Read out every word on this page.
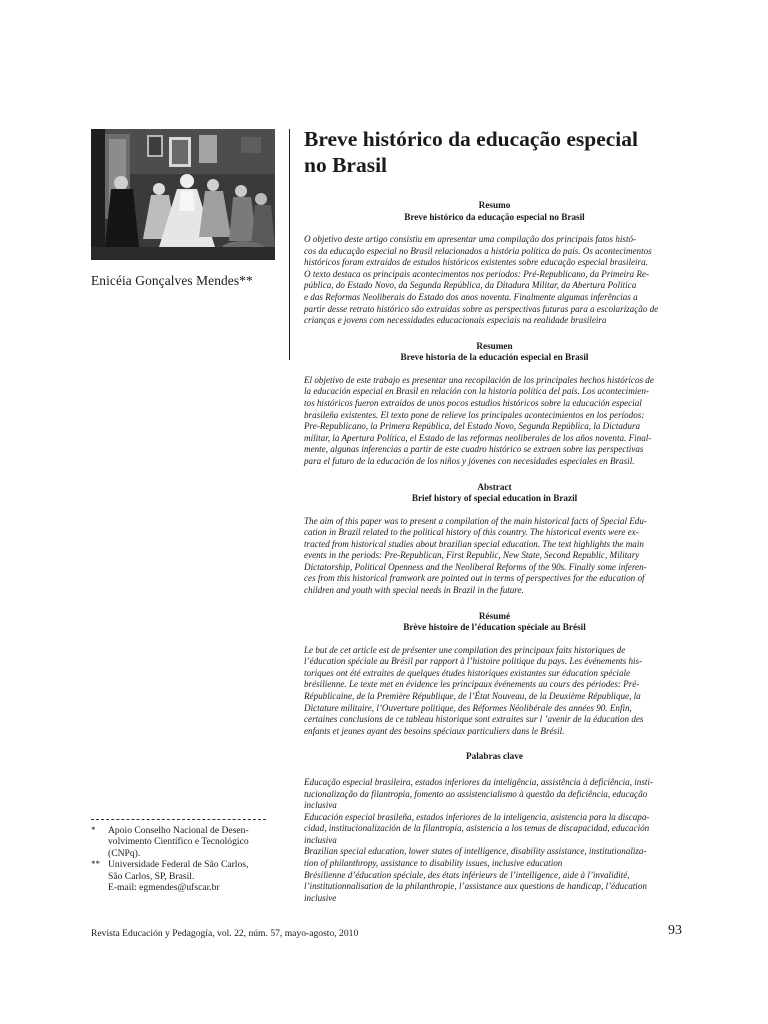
Enicéia Gonçalves Mendes**
Breve histórico da educação especial
no Brasil
Resumo
Breve histórico da educação especial no Brasil
O objetivo deste artigo consistiu em apresentar uma compilação dos principais fatos histó-
cos da educação especial no Brasil relacionados a história política do país. Os acontecimentos
históricos foram extraídos de estudos históricos existentes sobre educação especial brasileira.
O texto destaca os principais acontecimentos nos períodos: Pré-Republicano, da Primeira Re-
pública, do Estado Novo, da Segunda República, da Ditadura Militar, da Abertura Política
e das Reformas Neoliberais do Estado dos anos noventa. Finalmente algumas inferências a
partir desse retrato histórico são extraídas sobre as perspectivas futuras para a escolarização de
crianças e jovens com necessidades educacionais especiais na realidade brasileira
Resumen
Breve historia de la educación especial en Brasil
El objetivo de este trabajo es presentar una recopilación de los principales hechos históricos de
la educación especial en Brasil en relación con la historia política del país. Los acontecimien-
tos históricos fueron extraídos de unos pocos estudios históricos sobre la educación especial
brasileña existentes. El texto pone de relieve los principales acontecimientos en los períodos:
Pre-Republicano, la Primera República, del Estado Novo, Segunda República, la Dictadura
militar, la Apertura Política, el Estado de las reformas neoliberales de los años noventa. Final-
mente, algunas inferencias a partir de este cuadro histórico se extraen sobre las perspectivas
para el futuro de la educación de los niños y jóvenes con necesidades especiales en Brasil.
Abstract
Brief history of special education in Brazil
The aim of this paper was to present a compilation of the main historical facts of Special Edu-
cation in Brazil related to the political history of this country. The historical events were ex-
tracted from historical studies about brazilian special education. The text highlights the main
events in the periods: Pre-Republican, First Republic, New State, Second Republic, Military
Dictatorship, Political Openness and the Neoliberal Reforms of the 90s. Finally some inferen-
ces from this historical framwork are pointed out in terms of perspectives for the education of
children and youth with special needs in Brazil in the future.
Résumé
Brève histoire de l’éducation spéciale au Brésil
Le but de cet article est de présenter une compilation des principaux faits historiques de
l’éducation spéciale au Brésil par rapport à l’histoire politique du pays. Les événements his-
toriques ont été extraites de quelques études historiques existantes sur éducation spéciale
brésilienne. Le texte met en évidence les principaux événements au cours des périodes: Pré-
Républicaine, de la Première République, de l’État Nouveau, de la Deuxième République, la
Dictature militaire, l’Ouverture politique, des Réformes Néolibérale des années 90. Enfin,
certaines conclusions de ce tableau historique sont extraites sur l ’avenir de la éducation des
enfants et jeunes ayant des besoins spéciaux particuliers dans le Brésil.
Palabras clave
Educação especial brasileira, estados inferiores da inteligência, assistência à deficiência, insti-
tucionalização da filantropia, fomento ao assistencialismo à questão da deficiência, educação
inclusiva
Educación especial brasileña, estados inferiores de la inteligencia, asistencia para la discapa-
cidad, institucionalización de la filantropía, asistencia a los temas de discapacidad, educación
inclusiva
Brazilian special education, lower states of intelligence, disability assistance, institutionaliza-
tion of philanthropy, assistance to disability issues, inclusive education
Brésilienne d’éducation spéciale, des états inférieurs de l’intelligence, aide à l’invalidité,
l’institutionnalisation de la philanthropie, l’assistance aux questions de handicap, l’éducation
inclusive
*	Apoio Conselho Nacional de Desen-
volvimento Científico e Tecnológico
(CNPq).
** Universidade Federal de São Carlos,
São Carlos, SP, Brasil.
E-mail: egmendes@ufscar.br
Revista Educación y Pedagogía, vol. 22, núm. 57, mayo-agosto, 2010	93
